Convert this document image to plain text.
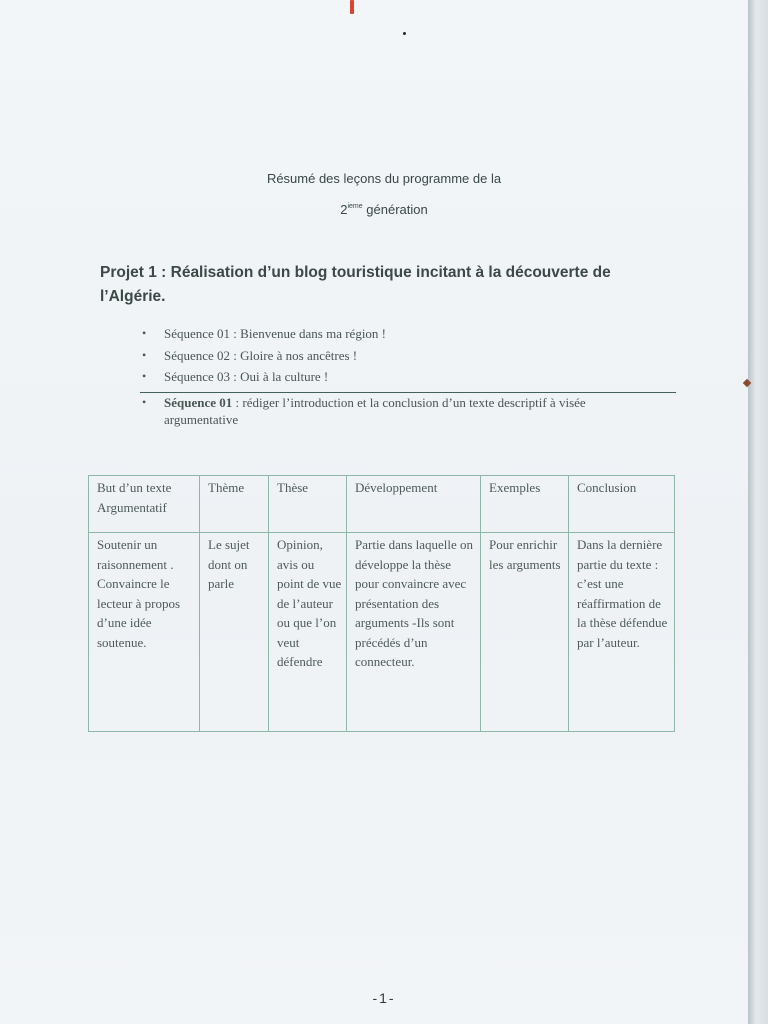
Résumé des leçons du programme de la
2ieme génération
Projet 1 : Réalisation d’un blog touristique incitant à la découverte de l’Algérie.
• Séquence 01 : Bienvenue dans ma région !
• Séquence 02 : Gloire à nos ancêtres !
• Séquence 03 : Oui à la culture !
•	Séquence 01 : rédiger l’introduction et la conclusion d’un texte descriptif à visée argumentative
But d’un texte Argumentatif	Thème	Thèse	Développement	Exemples	Conclusion
Soutenir un raisonnement . Convaincre le lecteur à propos d’une idée soutenue.	Le sujet dont on parle	Opinion, avis ou point de vue de l’auteur ou que l’on veut défendre	Partie dans laquelle on développe la thèse pour convaincre avec présentation des arguments -Ils sont précédés d’un connecteur.	Pour enrichir les arguments	Dans la dernière partie du texte : c’est une réaffirmation de la thèse défendue par l’auteur.
-1-
